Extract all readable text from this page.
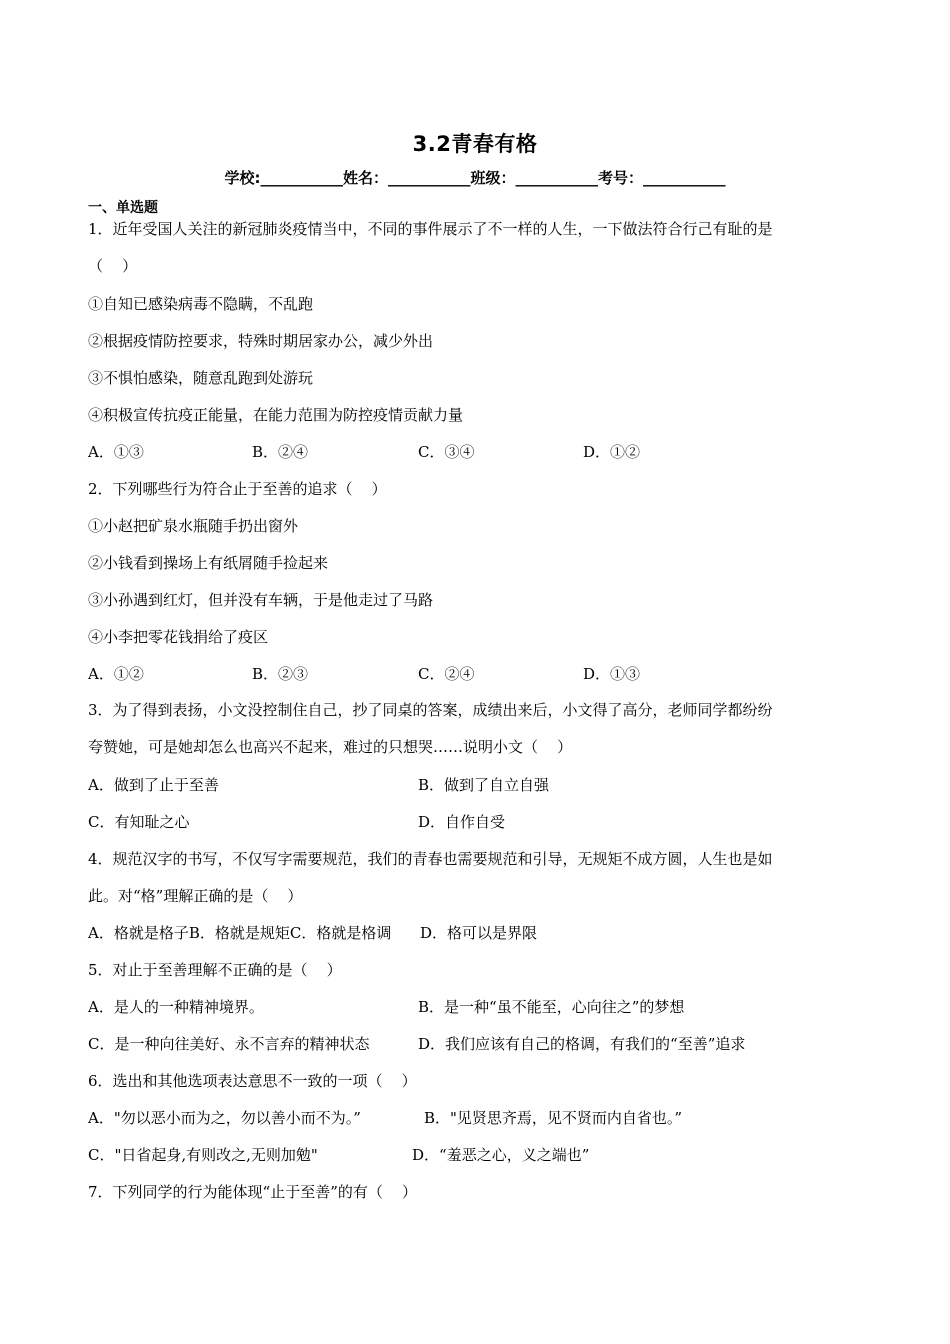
3.2青春有格
学校:___________姓名：___________班级：___________考号：___________
一、单选题
1．近年受国人关注的新冠肺炎疫情当中，不同的事件展示了不一样的人生，一下做法符合行己有耻的是
（    ）
①自知已感染病毒不隐瞒，不乱跑
②根据疫情防控要求，特殊时期居家办公，减少外出
③不惧怕感染，随意乱跑到处游玩
④积极宣传抗疫正能量，在能力范围为防控疫情贡献力量
A．①③	B．②④	C．③④	D．①②
2．下列哪些行为符合止于至善的追求（    ）
①小赵把矿泉水瓶随手扔出窗外
②小钱看到操场上有纸屑随手捡起来
③小孙遇到红灯，但并没有车辆，于是他走过了马路
④小李把零花钱捐给了疫区
A．①②	B．②③	C．②④	D．①③
3．为了得到表扬，小文没控制住自己，抄了同桌的答案，成绩出来后，小文得了高分，老师同学都纷纷
夸赞她，可是她却怎么也高兴不起来，难过的只想哭……说明小文（    ）
A．做到了止于至善	B．做到了自立自强
C．有知耻之心	D．自作自受
4．规范汉字的书写，不仅写字需要规范，我们的青春也需要规范和引导，无规矩不成方圆，人生也是如
此。对“格”理解正确的是（    ）
A．格就是格子B．格就是规矩C．格就是格调      D．格可以是界限
5．对止于至善理解不正确的是（    ）
A．是人的一种精神境界。	B．是一种“虽不能至，心向往之”的梦想
C．是一种向往美好、永不言弃的精神状态	D．我们应该有自己的格调，有我们的“至善”追求
6．选出和其他选项表达意思不一致的一项（    ）
A．"勿以恶小而为之，勿以善小而不为。”	B．"见贤思齐焉，见不贤而内自省也。”
C．"日省起身,有则改之,无则加勉"	D．“羞恶之心，义之端也”
7．下列同学的行为能体现“止于至善”的有（    ）
